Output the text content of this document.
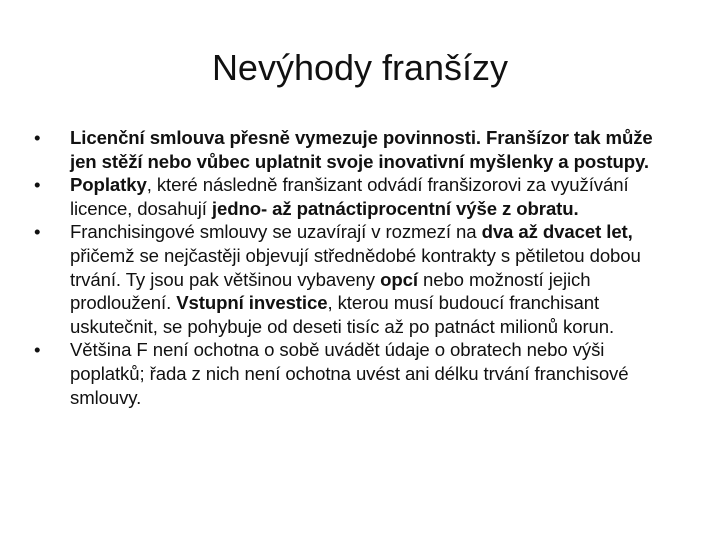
Nevýhody franšízy
•	Licenční smlouva přesně vymezuje povinnosti. Franšízor tak může jen stěží nebo vůbec uplatnit svoje inovativní myšlenky a postupy.
•	Poplatky, které následně franšizant odvádí franšizorovi za využívání licence, dosahují jedno- až patnáctiprocentní výše z obratu.
•	Franchisingové smlouvy se uzavírají v rozmezí na dva až dvacet let, přičemž se nejčastěji objevují střednědobé kontrakty s pětiletou dobou trvání. Ty jsou pak většinou vybaveny opcí nebo možností jejich prodloužení. Vstupní investice, kterou musí budoucí franchisant uskutečnit, se pohybuje od deseti tisíc až po patnáct milionů korun.
•	Většina F není ochotna o sobě uvádět údaje o obratech nebo výši poplatků; řada z nich není ochotna uvést ani délku trvání franchisové smlouvy.
